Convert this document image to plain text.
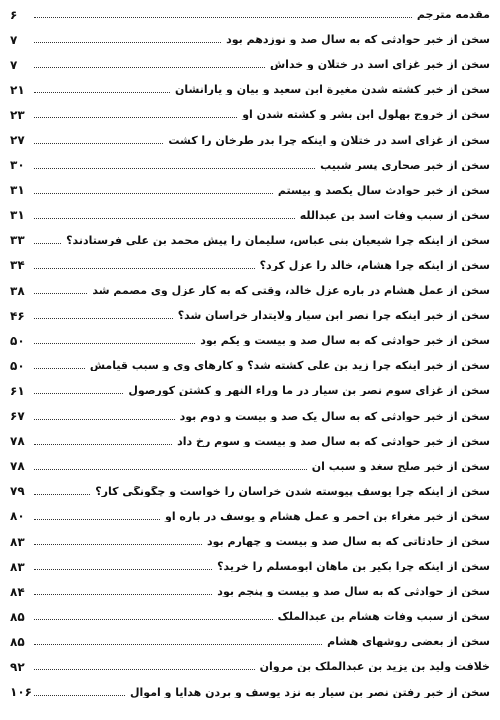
مقدمه مترجم
۶
سخن از خبر حوادثی که به سال صد و نوزدهم بود
۷
سخن از خبر غزای اسد در ختلان و خداش
۷
سخن از خبر کشته شدن مغیرة ابن سعید و بیان و یارانشان
۲۱
سخن از خروج بهلول ابن بشر و کشته شدن او
۲۳
سخن از غزای اسد در ختلان و اینکه چرا بدر طرخان را کشت
۲۷
سخن از خبر صحاری پسر شبیب
۳۰
سخن از خبر حوادث سال یکصد و بیستم
۳۱
سخن از سبب وفات اسد بن عبدالله
۳۱
سخن از اینکه چرا شیعیان بنی عباس، سلیمان را پیش محمد بن علی فرستادند؟
۳۳
سخن از اینکه چرا هشام، خالد را عزل کرد؟
۳۴
سخن از عمل هشام در باره عزل خالد، وقتی که به کار عزل وی مصمم شد
۳۸
سخن از خبر اینکه چرا نصر ابن سیار ولایتدار خراسان شد؟
۴۶
سخن از خبر حوادثی که به سال صد و بیست و یکم بود
۵۰
سخن از خبر اینکه چرا زید بن علی کشته شد؟ و کارهای وی و سبب قیامش
۵۰
سخن از غزای سوم نصر بن سیار در ما وراء النهر و کشتن کورصول
۶۱
سخن از خبر حوادثی که به سال یک صد و بیست و دوم بود
۶۷
سخن از خبر حوادثی که به سال صد و بیست و سوم رخ داد
۷۸
سخن از خبر صلح سغد و سبب آن
۷۸
سخن از اینکه چرا یوسف پیوسته شدن خراسان را خواست و چگونگی کار؟
۷۹
سخن از خبر مغراء بن احمر و عمل هشام و یوسف در باره او
۸۰
سخن از حادثاتی که به سال صد و بیست و چهارم بود
۸۳
سخن از اینکه چرا بکیر بن ماهان ابومسلم را خرید؟
۸۳
سخن از حوادثی که به سال صد و بیست و پنجم بود
۸۴
سخن از سبب وفات هشام بن عبدالملک
۸۵
سخن از بعضی روشهای هشام
۸۵
خلافت ولید بن یزید بن عبدالملک بن مروان
۹۲
سخن از خبر رفتن نصر بن سیار به نزد یوسف و بردن هدایا و اموال
۱۰۶
